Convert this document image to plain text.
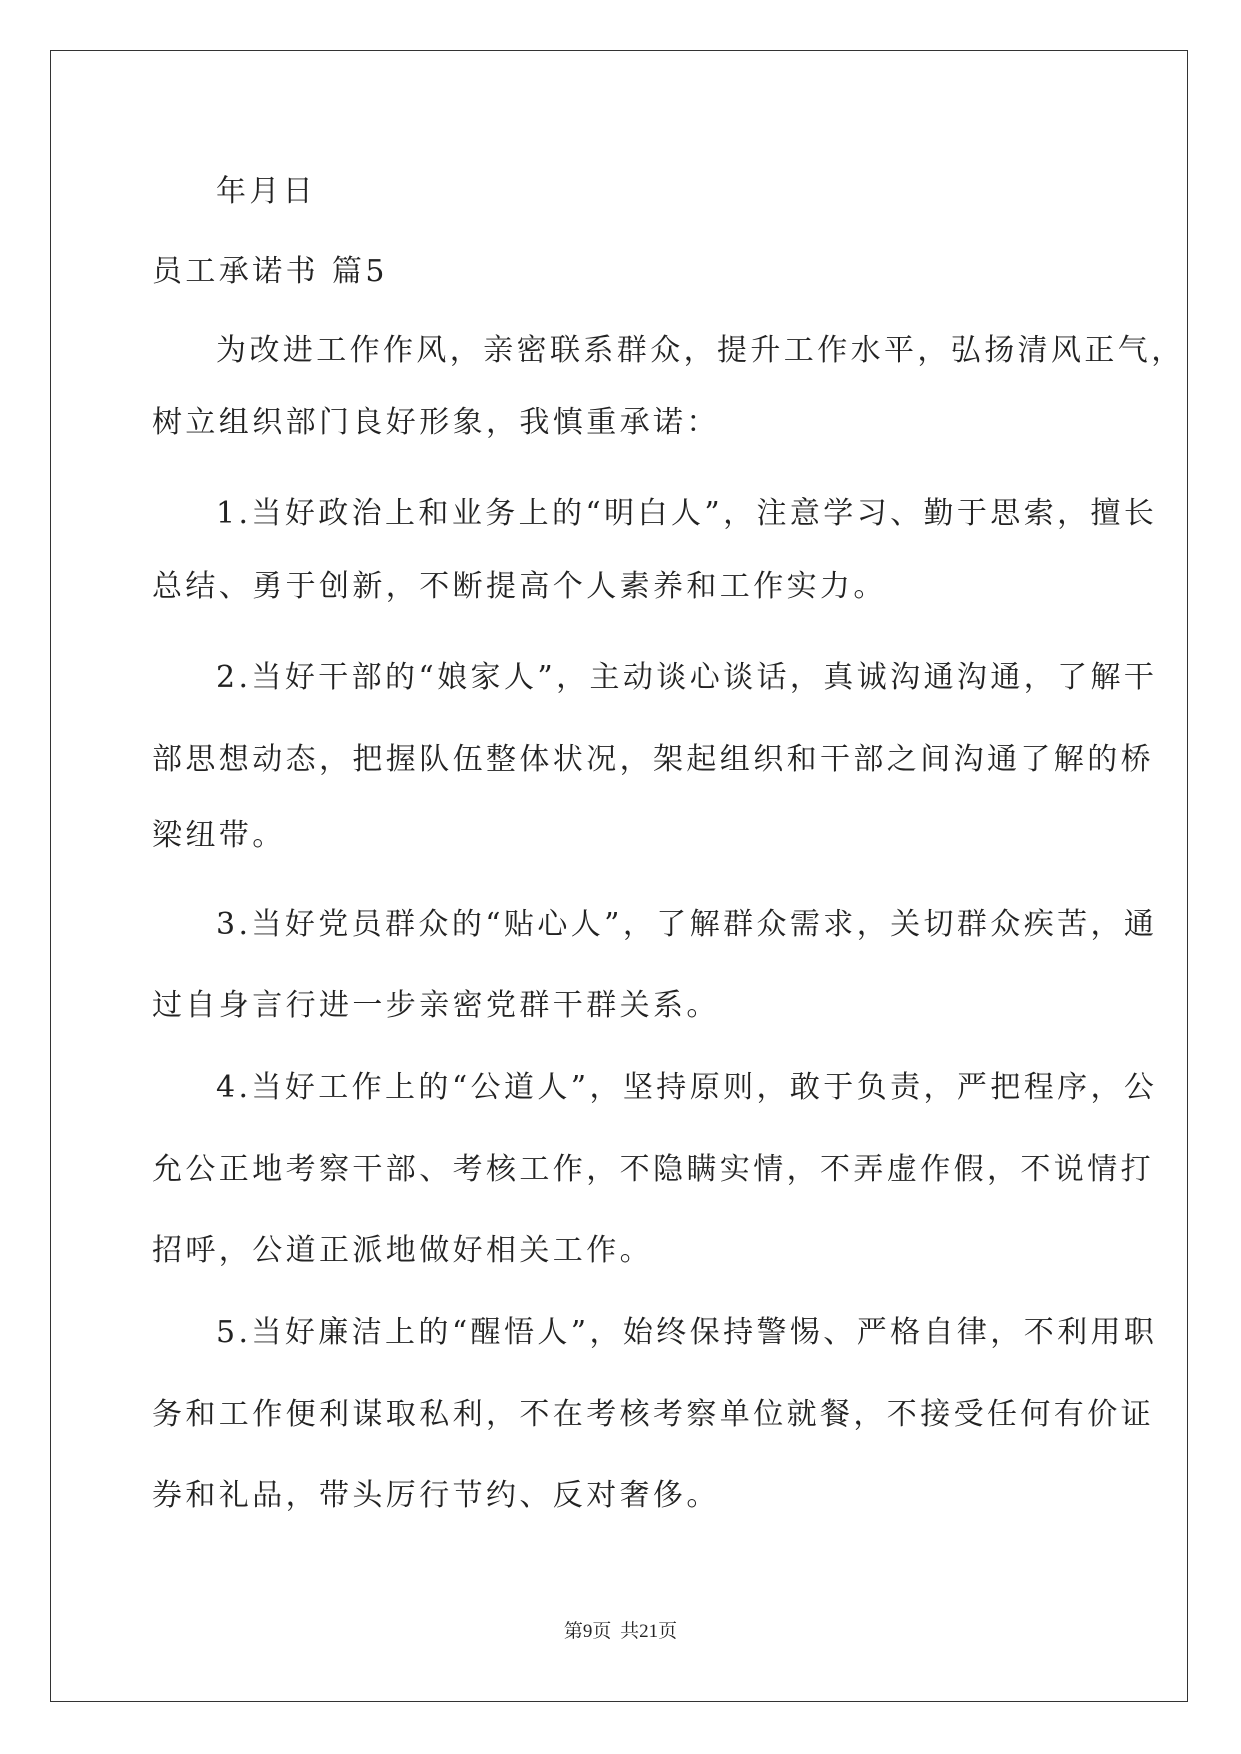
年月日
员工承诺书 篇5
为改进工作作风，亲密联系群众，提升工作水平，弘扬清风正气，
树立组织部门良好形象，我慎重承诺：
1.当好政治上和业务上的“明白人”，注意学习、勤于思索，擅长
总结、勇于创新，不断提高个人素养和工作实力。
2.当好干部的“娘家人”，主动谈心谈话，真诚沟通沟通，了解干
部思想动态，把握队伍整体状况，架起组织和干部之间沟通了解的桥
梁纽带。
3.当好党员群众的“贴心人”，了解群众需求，关切群众疾苦，通
过自身言行进一步亲密党群干群关系。
4.当好工作上的“公道人”，坚持原则，敢于负责，严把程序，公
允公正地考察干部、考核工作，不隐瞒实情，不弄虚作假，不说情打
招呼，公道正派地做好相关工作。
5.当好廉洁上的“醒悟人”，始终保持警惕、严格自律，不利用职
务和工作便利谋取私利，不在考核考察单位就餐，不接受任何有价证
券和礼品，带头厉行节约、反对奢侈。
第9页 共21页
